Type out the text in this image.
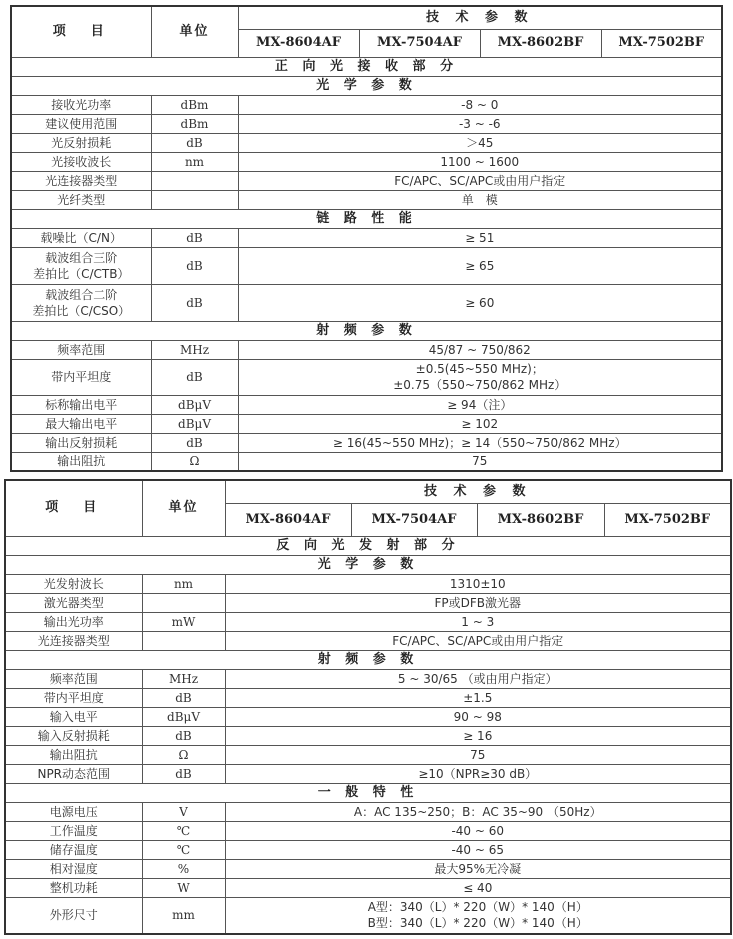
项　目	单位	技 术 参 数			
		MX-8604AF	MX-7504AF	MX-8602BF	MX-7502BF
正 向 光 接 收 部 分					
光 学 参 数					
接收光功率	dBm	-8 ~ 0			
建议使用范围	dBm	-3 ~ -6			
光反射损耗	dB	＞45			
光接收波长	nm	1100 ~ 1600			
光连接器类型		FC/APC、SC/APC或由用户指定			
光纤类型		单　模			
链 路 性 能					
载噪比（C/N）	dB	≥ 51			

载波组合三阶
差拍比（C/CTB）	dB	≥ 65			

载波组合二阶
差拍比（C/CSO）	dB	≥ 60			
射 频 参 数					
频率范围	MHz	45/87 ~ 750/862			
带内平坦度	dB	±0.5(45~550 MHz)；
±0.75（550~750/862 MHz）			

标称输出电平	dBμV	≥ 94（注）			
最大输出电平	dBμV	≥ 102			
输出反射损耗	dB	≥ 16(45~550 MHz)；≥ 14（550~750/862 MHz）			
输出阻抗	Ω	75			
项　目	单位	技 术 参 数			
		MX-8604AF	MX-7504AF	MX-8602BF	MX-7502BF
反 向 光 发 射 部 分					
光 学 参 数					
光发射波长	nm	1310±10			
激光器类型		FP或DFB激光器			
输出光功率	mW	1 ~ 3			
光连接器类型		FC/APC、SC/APC或由用户指定			
射 频 参 数					
频率范围	MHz	5 ~ 30/65 （或由用户指定）			
带内平坦度	dB	±1.5			
输入电平	dBμV	90 ~ 98			
输入反射损耗	dB	≥ 16			
输出阻抗	Ω	75			
NPR动态范围	dB	≥10（NPR≥30 dB）			
一 般 特 性					
电源电压	V	A：AC 135~250；B：AC 35~90 （50Hz）			
工作温度	℃	-40 ~ 60			
储存温度	℃	-40 ~ 65			
相对湿度	%	最大95%无冷凝			
整机功耗	W	≤ 40			
外形尺寸	mm	A型：340（L）* 220（W）* 140（H）
B型：340（L）* 220（W）* 140（H）			
